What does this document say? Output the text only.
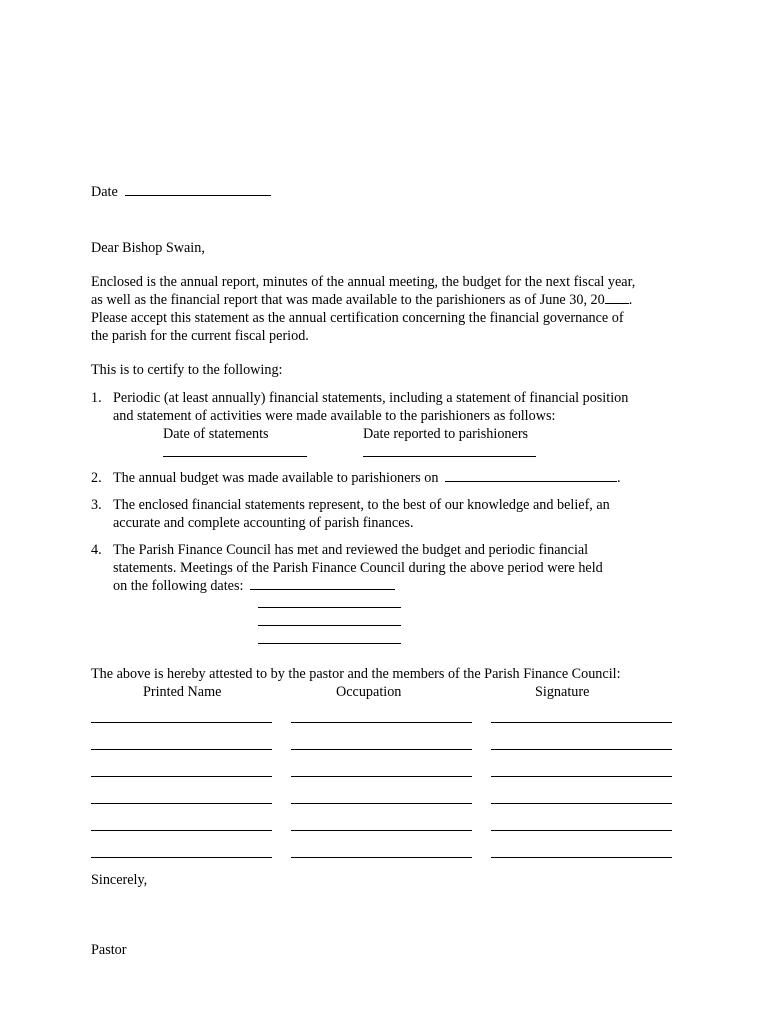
Date
Dear Bishop Swain,
Enclosed is the annual report, minutes of the annual meeting, the budget for the next fiscal year,
as well as the financial report that was made available to the parishioners as of June 30, 20 .
Please accept this statement as the annual certification concerning the financial governance of
the parish for the current fiscal period.
This is to certify to the following:
1. Periodic (at least annually) financial statements, including a statement of financial position
and statement of activities were made available to the parishioners as follows:
Date of statements	Date reported to parishioners
2. The annual budget was made available to parishioners on	.
3. The enclosed financial statements represent, to the best of our knowledge and belief, an
accurate and complete accounting of parish finances.
4. The Parish Finance Council has met and reviewed the budget and periodic financial
statements. Meetings of the Parish Finance Council during the above period were held
on the following dates:
The above is hereby attested to by the pastor and the members of the Parish Finance Council:
Printed Name	Occupation	Signature
Sincerely,
Pastor
